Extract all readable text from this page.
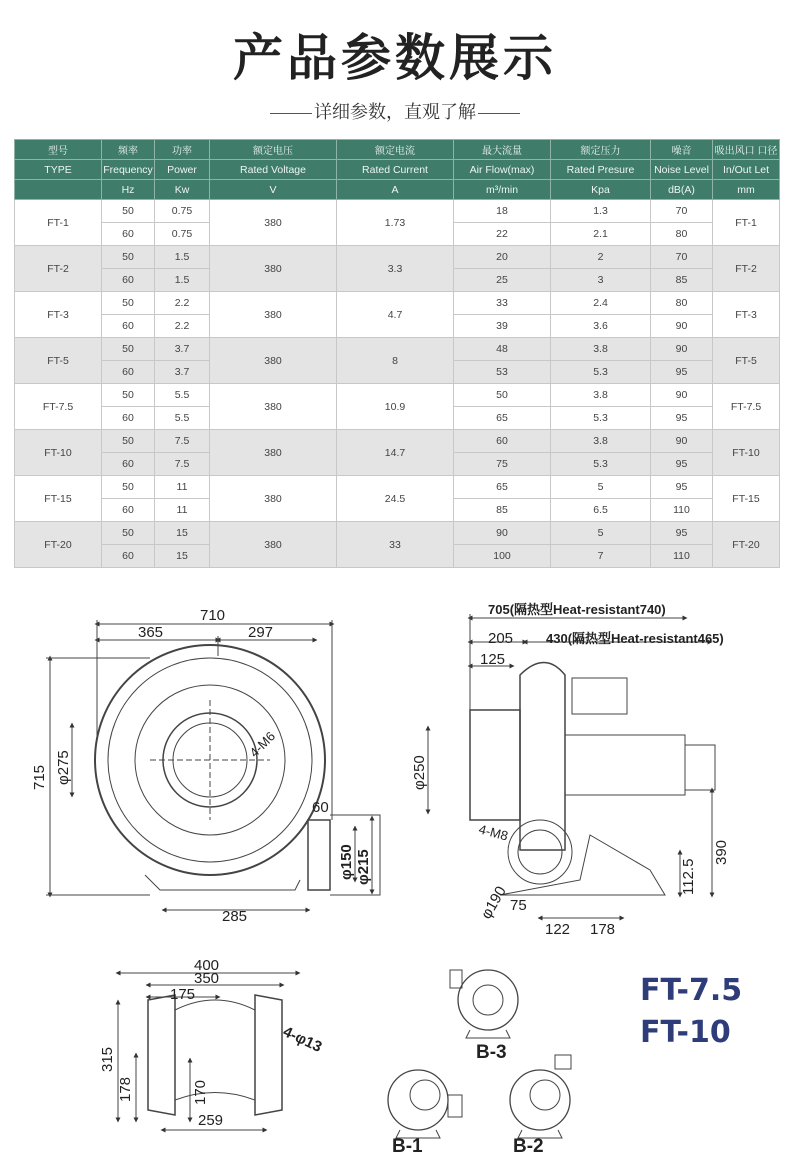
产品参数展示
详细参数，直观了解
型号	频率	功率	额定电压	额定电流	最大流量	额定压力	噪音	吸出风口 口径
TYPE	Frequency	Power	Rated Voltage	Rated Current	Air Flow(max)	Rated Presure	Noise Level	In/Out Let
	Hz	Kw	V	A	m³/min	Kpa	dB(A)	mm
FT-1	50	0.75	380	1.73	18	1.3	70	FT-1
	60	0.75			22	2.1	80	
FT-2	50	1.5	380	3.3	20	2	70	FT-2
	60	1.5			25	3	85	
FT-3	50	2.2	380	4.7	33	2.4	80	FT-3
	60	2.2			39	3.6	90	
FT-5	50	3.7	380	8	48	3.8	90	FT-5
	60	3.7			53	5.3	95	
FT-7.5	50	5.5	380	10.9	50	3.8	90	FT-7.5
	60	5.5			65	5.3	95	
FT-10	50	7.5	380	14.7	60	3.8	90	FT-10
	60	7.5			75	5.3	95	
FT-15	50	11	380	24.5	65	5	95	FT-15
	60	11			85	6.5	110	
FT-20	50	15	380	33	90	5	95	FT-20
	60	15			100	7	110	
710
365	297
715 φ275
4-M6
60
φ150 φ215
285
705(隔热型Heat-resistant740)
205	430(隔热型Heat-resistant465)
125
φ250
4-M8
φ190
390
112.5
75
122 178
400
350
175
315
178	170
259
4-φ13	B-3
B-1	B-2
FT-7.5
FT-10
